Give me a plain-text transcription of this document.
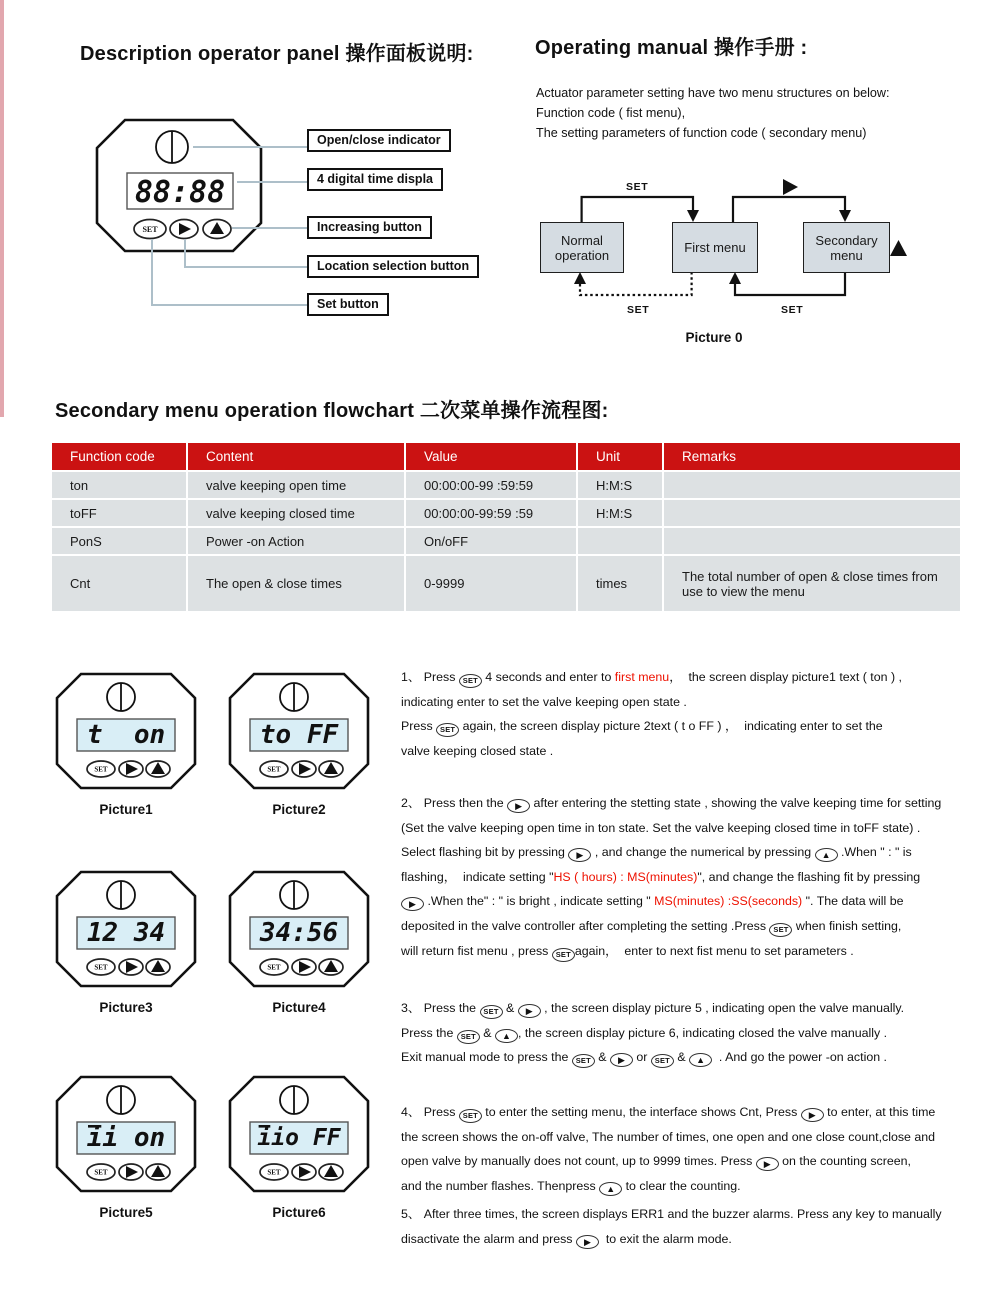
Description operator panel 操作面板说明:	Operating manual 操作手册 :
Secondary menu operation flowchart 二次菜单操作流程图:
Actuator parameter setting have two menu structures on below:
Function code ( fist menu),
The setting parameters of function code ( secondary menu)
88:88
SET
Open/close indicator
4 digital time displa
Increasing button
Location selection button
Set button
Normal operation	First menu	Secondary menu
SET
SET	SET
Picture 0
Function code	Content	Value	Unit	Remarks
ton	valve keeping open time	00:00:00-99 :59:59	H:M:S
toFF	valve keeping closed time	00:00:00-99:59 :59	H:M:S
PonS	Power -on Action	On/oFF
Cnt	The open & close times	0-9999	times	The total number of open & close times from use to view the menu
t  on
SET
Picture1
to FF
SET
Picture2
12 34
SET
Picture3
34:56
SET
Picture4
ii on
SET
Picture5
iio FF
SET
Picture6
1、 Press SET 4 seconds and enter to first menu，  the screen display picture1 text ( ton ) ,
indicating enter to set the valve keeping open state .
Press SET again, the screen display picture 2text ( t o FF ) ，  indicating enter to set the
valve keeping closed state .
2、 Press then the ▶ after entering the stetting state , showing the valve keeping time for setting
(Set the valve keeping open time in ton state. Set the valve keeping closed time in toFF state) .
Select flashing bit by pressing ▶ , and change the numerical by pressing ▲ .When " : " is
flashing，  indicate setting "HS ( hours) : MS(minutes)", and change the flashing fit by pressing
▶ .When the" : " is bright , indicate setting " MS(minutes) :SS(seconds) ". The data will be
deposited in the valve controller after completing the setting .Press SET when finish setting,
will return fist menu , press SET again，  enter to next fist menu to set parameters .
3、 Press the SET & ▶ , the screen display picture 5 , indicating open the valve manually.
Press the SET & ▲ , the screen display picture 6, indicating closed the valve manually .
Exit manual mode to press the SET & ▶ or SET & ▲  . And go the power -on action .
4、 Press SET to enter the setting menu, the interface shows Cnt, Press ▶ to enter, at this time
the screen shows the on-off valve, The number of times, one open and one close count,close and
open valve by manually does not count, up to 9999 times. Press ▶ on the counting screen,
and the number flashes. Thenpress ▲ to clear the counting.
5、 After three times, the screen displays ERR1 and the buzzer alarms. Press any key to manually
disactivate the alarm and press ▶  to exit the alarm mode.
